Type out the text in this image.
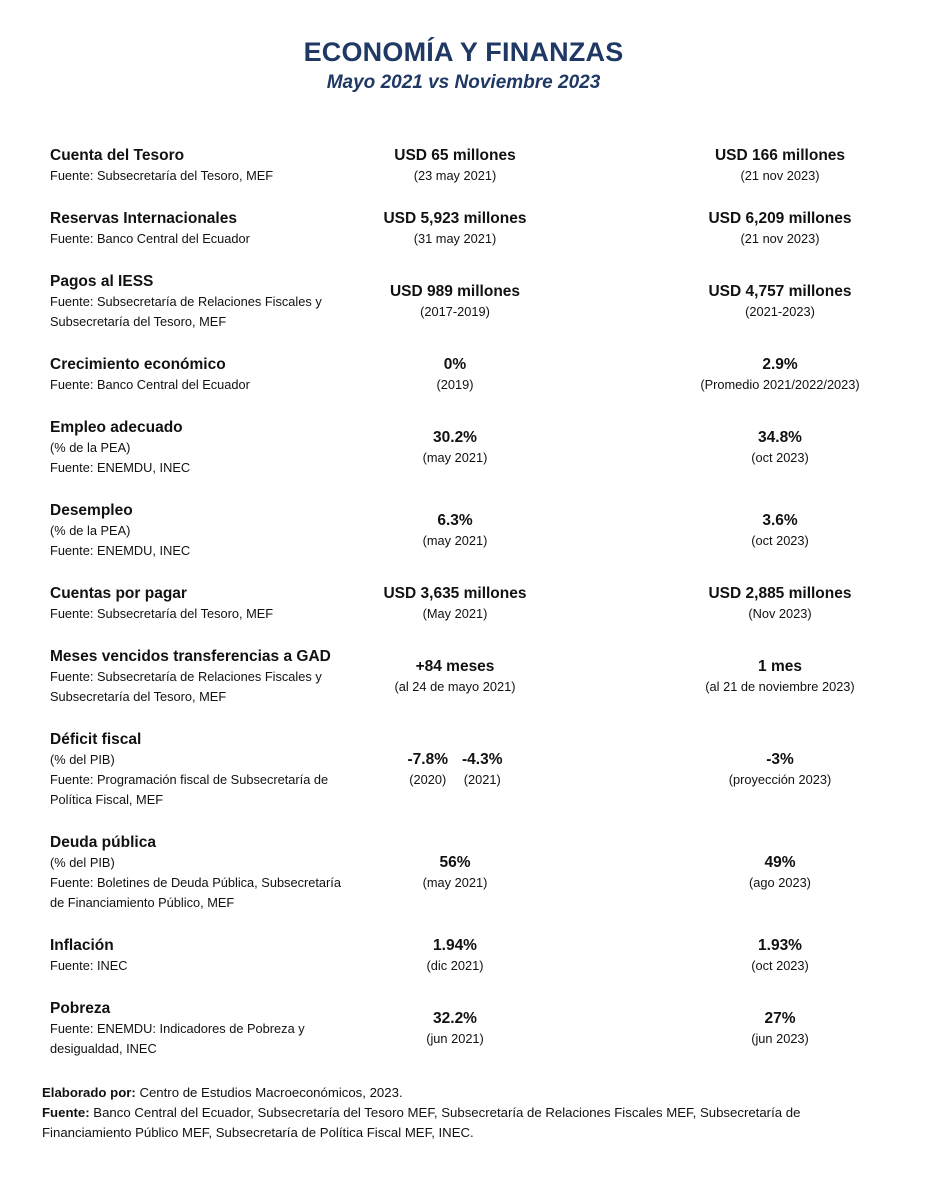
ECONOMÍA Y FINANZAS
Mayo 2021 vs Noviembre 2023
Cuenta del Tesoro
Fuente: Subsecretaría del Tesoro, MEF
USD 65 millones
(23 may 2021)
USD 166 millones
(21 nov 2023)
Reservas Internacionales
Fuente: Banco Central del Ecuador
USD 5,923 millones
(31 may 2021)
USD 6,209 millones
(21 nov 2023)
Pagos al IESS
Fuente: Subsecretaría de Relaciones Fiscales y
Subsecretaría del Tesoro, MEF
USD 989 millones
(2017-2019)
USD 4,757 millones
(2021-2023)
Crecimiento económico
Fuente: Banco Central del Ecuador
0%
(2019)
2.9%
(Promedio 2021/2022/2023)
Empleo adecuado
(% de la PEA)
Fuente: ENEMDU, INEC
30.2%
(may 2021)
34.8%
(oct 2023)
Desempleo
(% de la PEA)
Fuente: ENEMDU, INEC
6.3%
(may 2021)
3.6%
(oct 2023)
Cuentas por pagar
Fuente: Subsecretaría del Tesoro, MEF
USD 3,635 millones
(May 2021)
USD 2,885 millones
(Nov 2023)
Meses vencidos transferencias a GAD
Fuente: Subsecretaría de Relaciones Fiscales y
Subsecretaría del Tesoro, MEF
+84 meses
(al 24 de mayo 2021)
1 mes
(al 21 de noviembre 2023)
Déficit fiscal
(% del PIB)
Fuente: Programación fiscal de Subsecretaría de
Política Fiscal, MEF
-7.8%
(2020)
-4.3%
(2021)
-3%
(proyección 2023)
Deuda pública
(% del PIB)
Fuente: Boletines de Deuda Pública, Subsecretaría
de Financiamiento Público, MEF
56%
(may 2021)
49%
(ago 2023)
Inflación
Fuente: INEC
1.94%
(dic 2021)
1.93%
(oct 2023)
Pobreza
Fuente: ENEMDU: Indicadores de Pobreza y
desigualdad, INEC
32.2%
(jun 2021)
27%
(jun 2023)
Elaborado por: Centro de Estudios Macroeconómicos, 2023.
Fuente: Banco Central del Ecuador, Subsecretaría del Tesoro MEF, Subsecretaría de Relaciones Fiscales MEF, Subsecretaría de Financiamiento Público MEF, Subsecretaría de Política Fiscal MEF, INEC.
